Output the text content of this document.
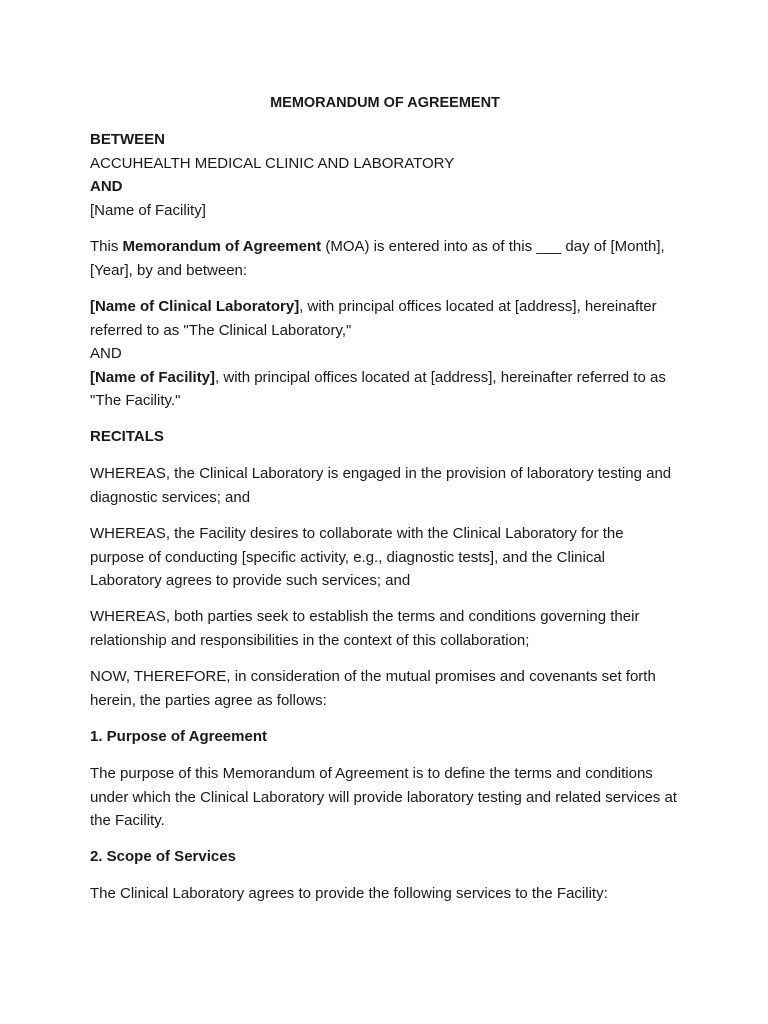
MEMORANDUM OF AGREEMENT
BETWEEN
ACCUHEALTH MEDICAL CLINIC AND LABORATORY
AND
[Name of Facility]

This Memorandum of Agreement (MOA) is entered into as of this ___ day of [Month], [Year], by and between:

[Name of Clinical Laboratory], with principal offices located at [address], hereinafter referred to as "The Clinical Laboratory,"
AND
[Name of Facility], with principal offices located at [address], hereinafter referred to as "The Facility."
RECITALS

WHEREAS, the Clinical Laboratory is engaged in the provision of laboratory testing and diagnostic services; and

WHEREAS, the Facility desires to collaborate with the Clinical Laboratory for the purpose of conducting [specific activity, e.g., diagnostic tests], and the Clinical Laboratory agrees to provide such services; and

WHEREAS, both parties seek to establish the terms and conditions governing their relationship and responsibilities in the context of this collaboration;

NOW, THEREFORE, in consideration of the mutual promises and covenants set forth herein, the parties agree as follows:

1. Purpose of Agreement

The purpose of this Memorandum of Agreement is to define the terms and conditions under which the Clinical Laboratory will provide laboratory testing and related services at the Facility.

2. Scope of Services

The Clinical Laboratory agrees to provide the following services to the Facility:
